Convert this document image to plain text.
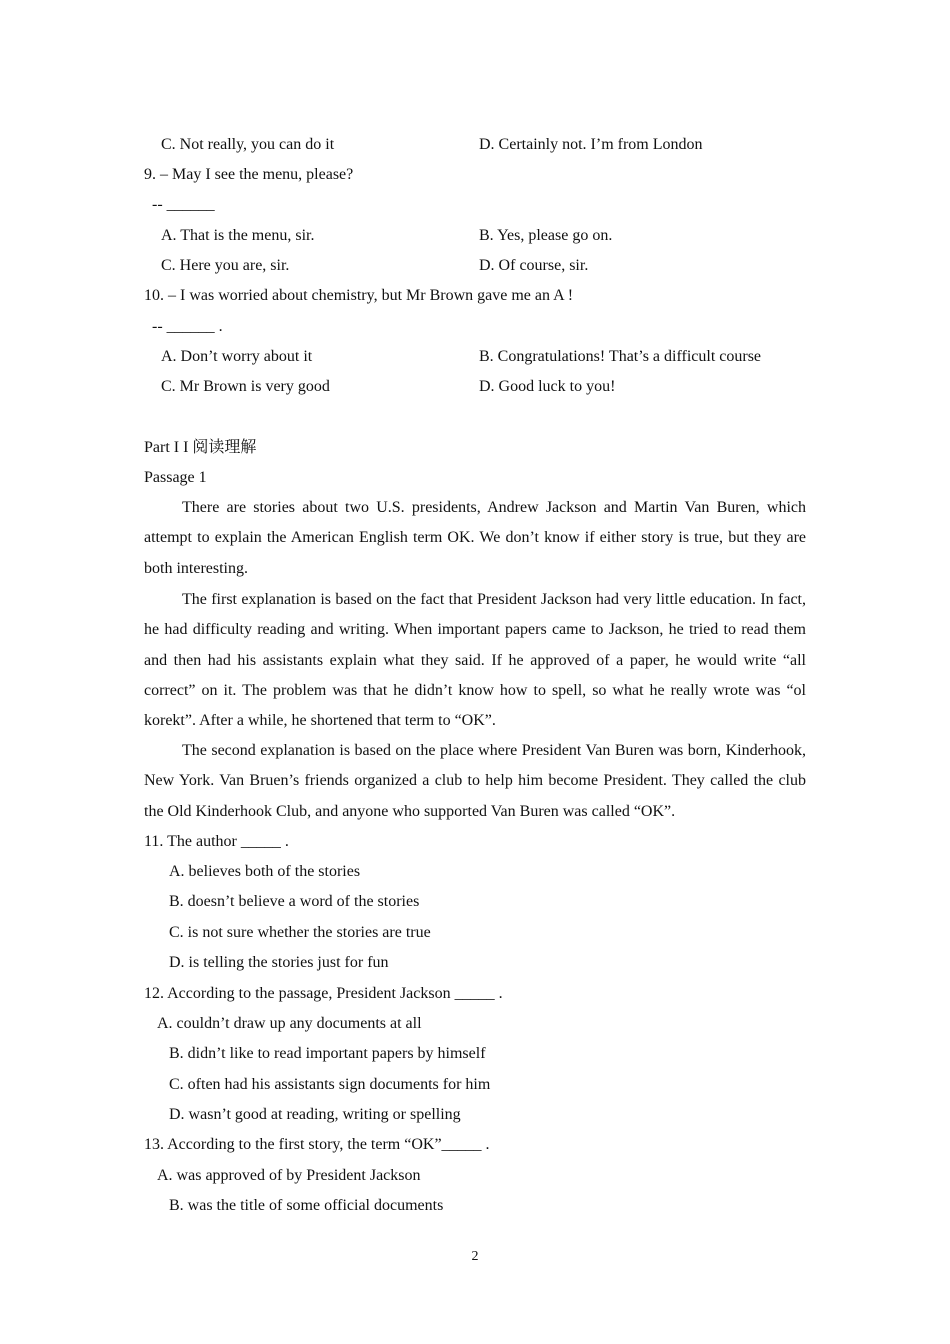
C. Not really, you can do it	D. Certainly not. I’m from London
9. – May I see the menu, please?
-- ______
A. That is the menu, sir.	B. Yes, please go on.
C. Here you are, sir.	D. Of course, sir.
10. – I was worried about chemistry, but Mr Brown gave me an A !
-- ______ .
A. Don’t worry about it	B. Congratulations! That’s a difficult course
C. Mr Brown is very good	D. Good luck to you!
Part I I 阅读理解
Passage 1
There are stories about two U.S. presidents, Andrew Jackson and Martin Van Buren, which attempt to explain the American English term OK. We don’t know if either story is true, but they are both interesting.
The first explanation is based on the fact that President Jackson had very little education. In fact, he had difficulty reading and writing. When important papers came to Jackson, he tried to read them and then had his assistants explain what they said. If he approved of a paper, he would write “all correct” on it. The problem was that he didn’t know how to spell, so what he really wrote was “ol korekt”. After a while, he shortened that term to “OK”.
The second explanation is based on the place where President Van Buren was born, Kinderhook, New York. Van Bruen’s friends organized a club to help him become President. They called the club the Old Kinderhook Club, and anyone who supported Van Buren was called “OK”.
11. The author _____ .
A. believes both of the stories
B. doesn’t believe a word of the stories
C. is not sure whether the stories are true
D. is telling the stories just for fun
12. According to the passage, President Jackson _____ .
A. couldn’t draw up any documents at all
B. didn’t like to read important papers by himself
C. often had his assistants sign documents for him
D. wasn’t good at reading, writing or spelling
13. According to the first story, the term “OK”_____ .
A. was approved of by President Jackson
B. was the title of some official documents
2
